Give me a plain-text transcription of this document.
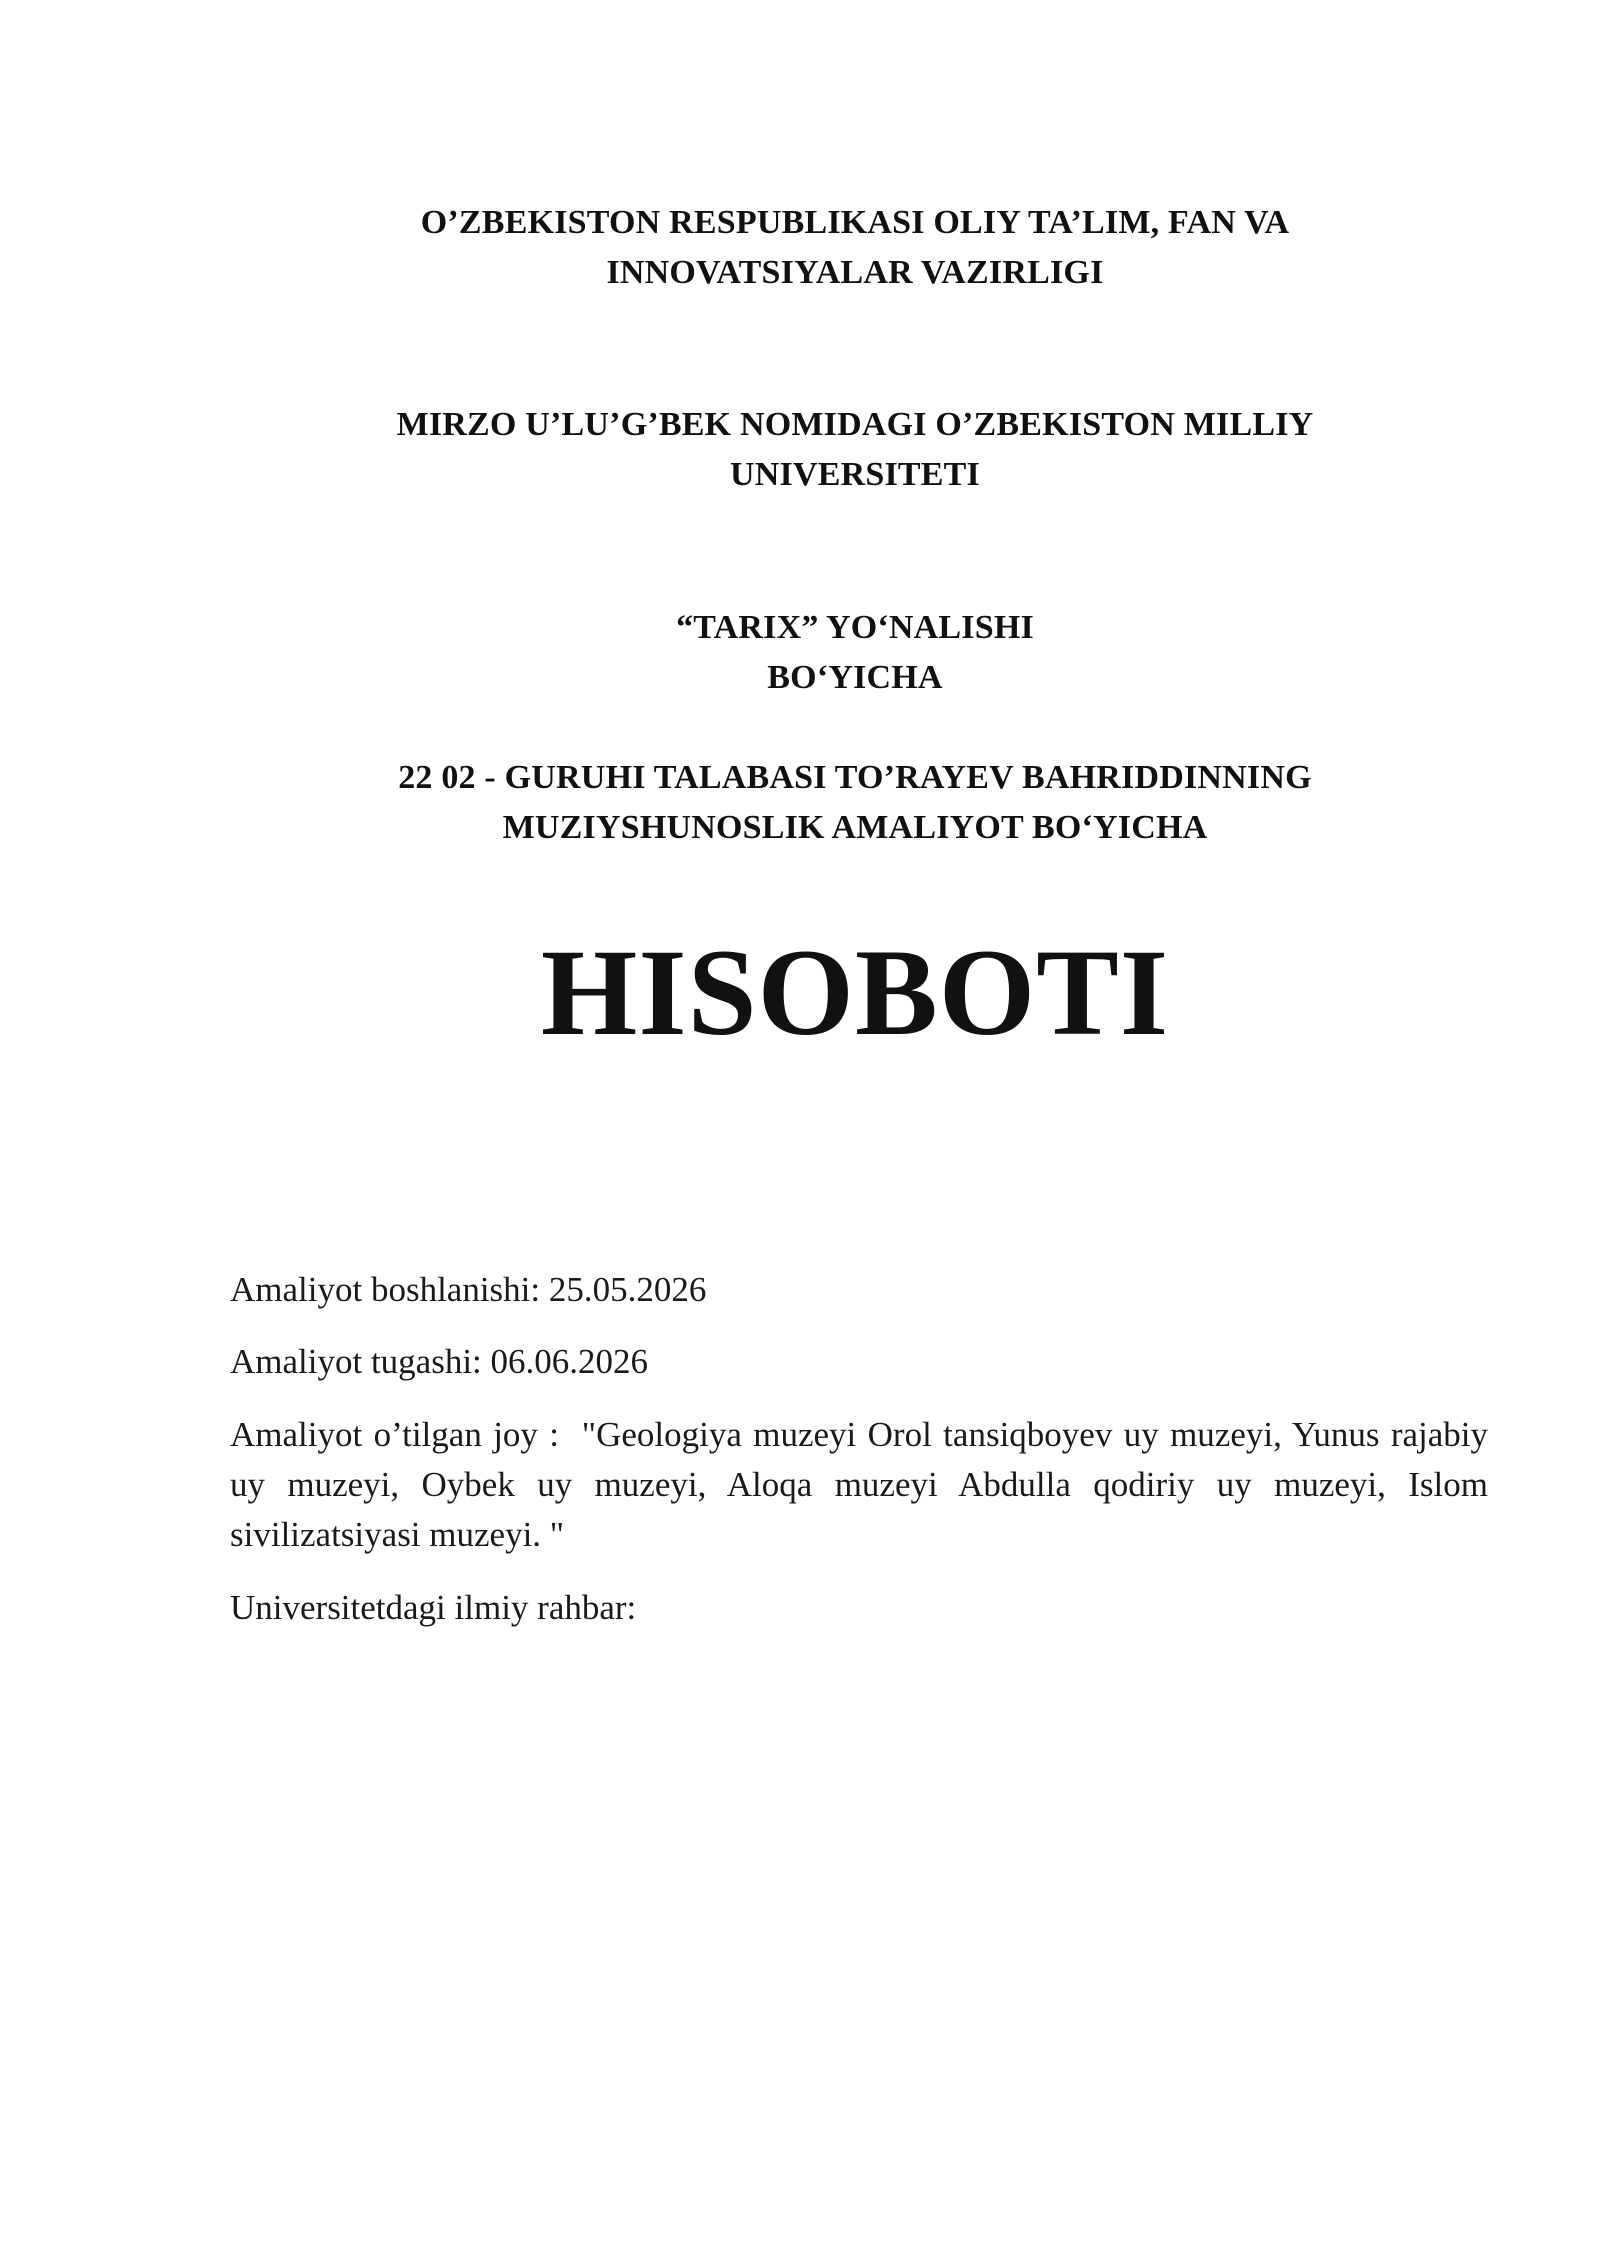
O’ZBEKISTON RESPUBLIKASI OLIY TA’LIM, FAN VA
INNOVATSIYALAR VAZIRLIGI
MIRZO U’LU’G’BEK NOMIDAGI O’ZBEKISTON MILLIY
UNIVERSITETI
“TARIX” YO‘NALISHI
BO‘YICHA
22 02 - GURUHI TALABASI TO’RAYEV BAHRIDDINNING
MUZIYSHUNOSLIK AMALIYOT BO‘YICHA
HISOBOTI
Amaliyot boshlanishi: 25.05.2026
Amaliyot tugashi: 06.06.2026
Amaliyot o’tilgan joy : "Geologiya muzeyi Orol tansiqboyev uy muzeyi, Yunus rajabiy uy muzeyi, Oybek uy muzeyi, Aloqa muzeyi Abdulla qodiriy uy muzeyi, Islom sivilizatsiyasi muzeyi. "
Universitetdagi ilmiy rahbar:
